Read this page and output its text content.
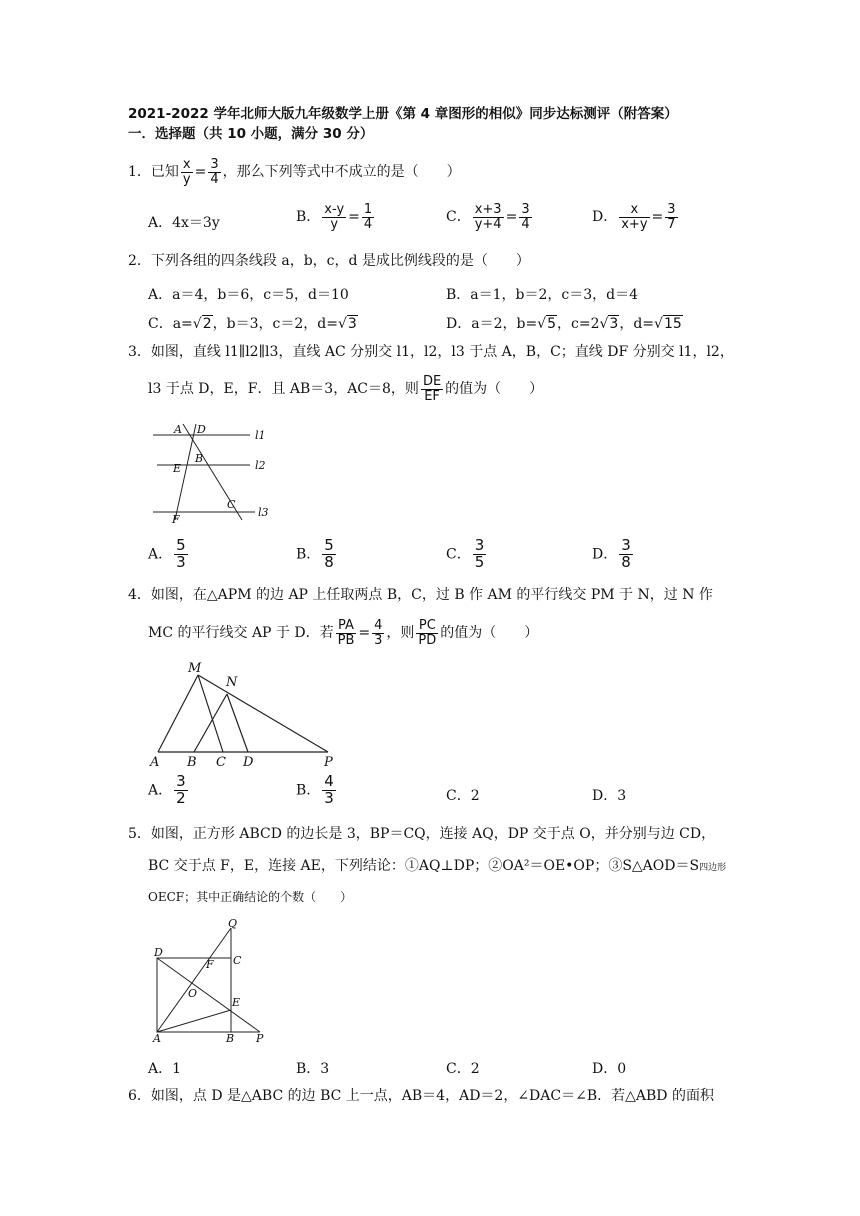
2021-2022 学年北师大版九年级数学上册《第 4 章图形的相似》同步达标测评（附答案）
一．选择题（共 10 小题，满分 30 分）
1．已知 $\frac{x}{y} = \frac{3}{4}$ ，那么下列等式中不成立的是（　　）
A．4x＝3y	B． $\frac{x-y}{y} = \frac{1}{4}$	C． $\frac{x+3}{y+4} = \frac{3}{4}$	D． $\frac{x}{x+y} = \frac{3}{7}$
2．下列各组的四条线段 a，b，c，d 是成比例线段的是（　　）
A．a＝4，b＝6，c＝5，d＝10	B．a＝1，b＝2，c＝3，d＝4
C．a=√2，b＝3，c＝2，d=√3	D．a＝2，b=√5，c=2√3，d=√15
3．如图，直线 l1∥l2∥l3，直线 AC 分别交 l1，l2，l3 于点 A，B，C；直线 DF 分别交 l1，l2，
l3 于点 D，E，F．且 AB＝3，AC＝8，则 $\frac{DE}{EF}$ 的值为（　　）
A D	l1
B
E	l2
C
F
l3
A． $\frac{5}{3}$	B． $\frac{5}{8}$	C． $\frac{3}{5}$	D． $\frac{3}{8}$
4．如图，在△APM 的边 AP 上任取两点 B，C，过 B 作 AM 的平行线交 PM 于 N，过 N 作
MC 的平行线交 AP 于 D．若 $\frac{PA}{PB} = \frac{4}{3}$ ，则 $\frac{PC}{PD}$ 的值为（　　）
M
N
A B C D	P
A． $\frac{3}{2}$	B． $\frac{4}{3}$	C．2	D．3
5．如图，正方形 ABCD 的边长是 3，BP＝CQ，连接 AQ，DP 交于点 O，并分别与边 CD，
BC 交于点 F，E，连接 AE，下列结论：①AQ⊥DP；②OA²＝OE•OP；③S△AOD＝S四边形
OECF；其中正确结论的个数（　　）
Q
D
C
F
O
E
A	B P
A．1	B．3	C．2	D．0
6．如图，点 D 是△ABC 的边 BC 上一点，AB＝4，AD＝2，∠DAC＝∠B．若△ABD 的面积
